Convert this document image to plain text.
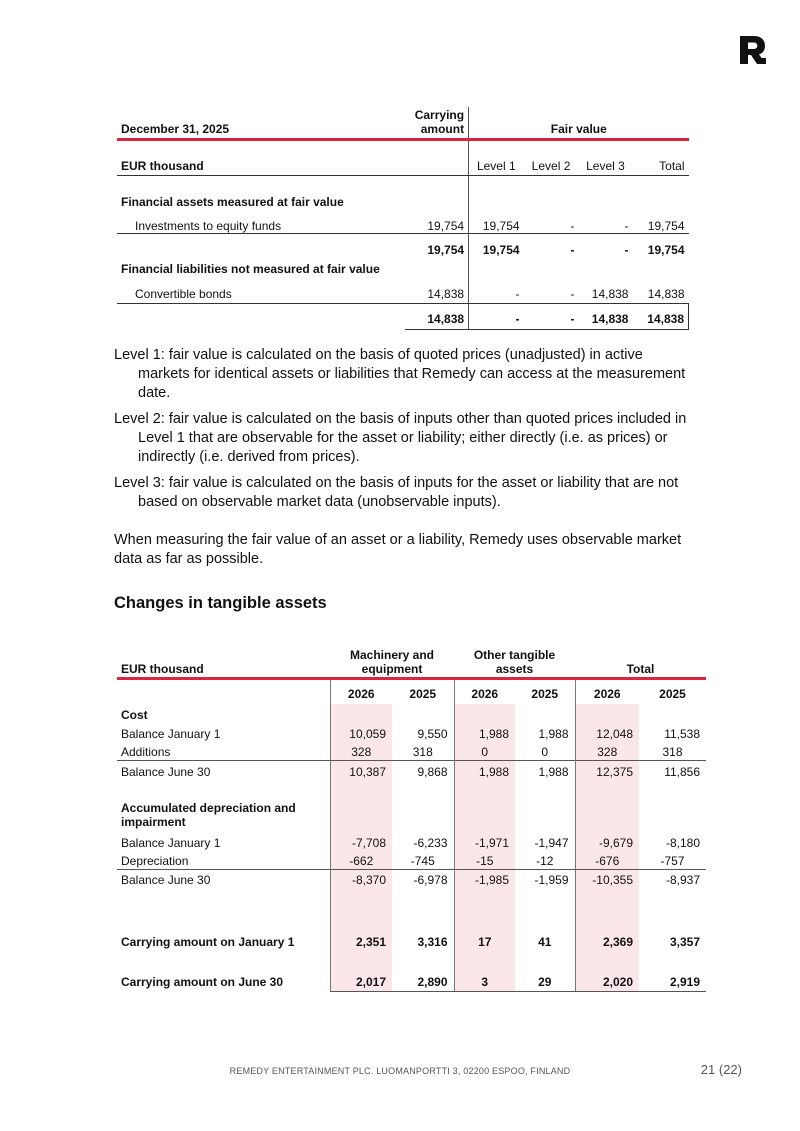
December 31, 2025	Carrying
amount	Fair value			
EUR thousand		Level 1	Level 2	Level 3	Total
Financial assets measured at fair value					
Investments to equity funds	19,754	19,754	-	-	19,754
	19,754	19,754	-	-	19,754
Financial liabilities not measured at fair value					
Convertible bonds	14,838	-	-	14,838	14,838
	14,838	-	-	14,838	14,838

Level 1: fair value is calculated on the basis of quoted prices (unadjusted) in active markets for identical assets or liabilities that Remedy can access at the measurement date.

Level 2: fair value is calculated on the basis of inputs other than quoted prices included in Level 1 that are observable for the asset or liability; either directly (i.e. as prices) or indirectly (i.e. derived from prices).

Level 3: fair value is calculated on the basis of inputs for the asset or liability that are not based on observable market data (unobservable inputs).

When measuring the fair value of an asset or a liability, Remedy uses observable market data as far as possible.

Changes in tangible assets
EUR thousand	Machinery and
equipment		Other tangible
assets		Total	
	2026	2025	2026	2025	2026	2025
Cost						
Balance January 1	10,059	9,550	1,988	1,988	12,048	11,538
Additions	328	318	0	0	328	318
Balance June 30	10,387	9,868	1,988	1,988	12,375	11,856
Accumulated depreciation and
impairment						
Balance January 1	-7,708	-6,233	-1,971	-1,947	-9,679	-8,180
Depreciation	-662	-745	-15	-12	-676	-757
Balance June 30	-8,370	-6,978	-1,985	-1,959	-10,355	-8,937
Carrying amount on January 1	2,351	3,316	17	41	2,369	3,357
Carrying amount on June 30	2,017	2,890	3	29	2,020	2,919
REMEDY ENTERTAINMENT PLC. LUOMANPORTTI 3, 02200 ESPOO, FINLAND	21 (22)
